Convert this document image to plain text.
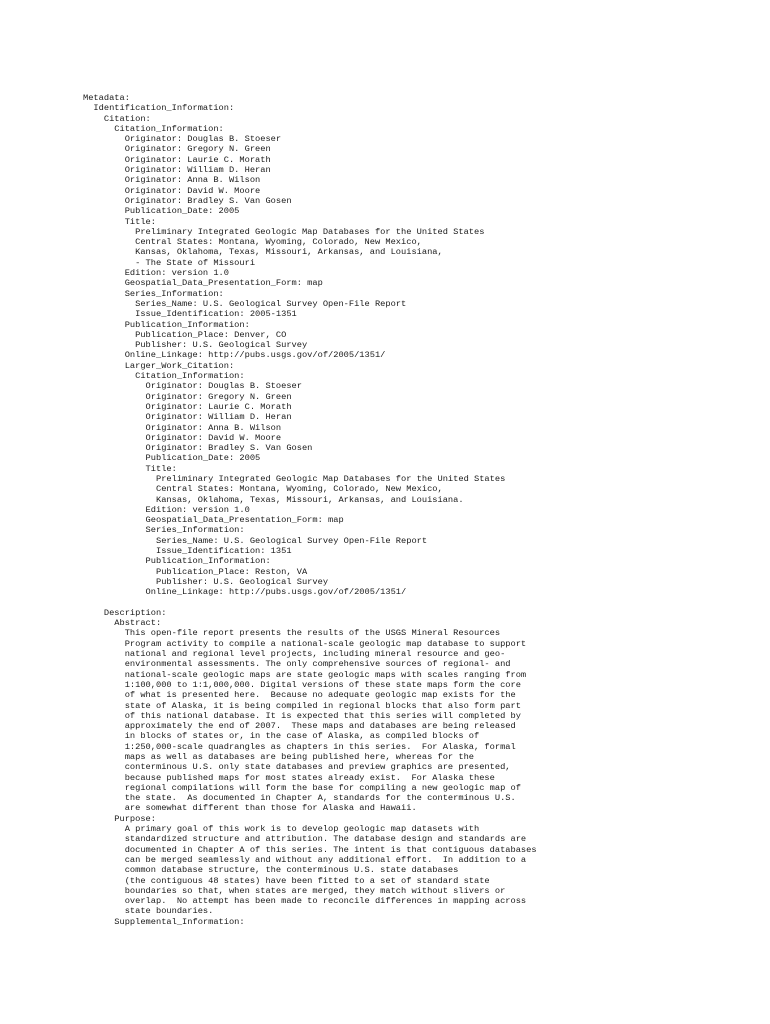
Metadata:
Identification_Information:
Citation:
Citation_Information:
Originator: Douglas B. Stoeser
Originator: Gregory N. Green
Originator: Laurie C. Morath
Originator: William D. Heran
Originator: Anna B. Wilson
Originator: David W. Moore
Originator: Bradley S. Van Gosen
Publication_Date: 2005
Title:
Preliminary Integrated Geologic Map Databases for the United States
Central States: Montana, Wyoming, Colorado, New Mexico,
Kansas, Oklahoma, Texas, Missouri, Arkansas, and Louisiana,
- The State of Missouri
Edition: version 1.0
Geospatial_Data_Presentation_Form: map
Series_Information:
Series_Name: U.S. Geological Survey Open-File Report
Issue_Identification: 2005-1351
Publication_Information:
Publication_Place: Denver, CO
Publisher: U.S. Geological Survey
Online_Linkage: http://pubs.usgs.gov/of/2005/1351/
Larger_Work_Citation:
Citation_Information:
Originator: Douglas B. Stoeser
Originator: Gregory N. Green
Originator: Laurie C. Morath
Originator: William D. Heran
Originator: Anna B. Wilson
Originator: David W. Moore
Originator: Bradley S. Van Gosen
Publication_Date: 2005
Title:
Preliminary Integrated Geologic Map Databases for the United States
Central States: Montana, Wyoming, Colorado, New Mexico,
Kansas, Oklahoma, Texas, Missouri, Arkansas, and Louisiana.
Edition: version 1.0
Geospatial_Data_Presentation_Form: map
Series_Information:
Series_Name: U.S. Geological Survey Open-File Report
Issue_Identification: 1351
Publication_Information:
Publication_Place: Reston, VA
Publisher: U.S. Geological Survey
Online_Linkage: http://pubs.usgs.gov/of/2005/1351/
Description:
Abstract:
This open-file report presents the results of the USGS Mineral Resources
Program activity to compile a national-scale geologic map database to support
national and regional level projects, including mineral resource and geo-
environmental assessments. The only comprehensive sources of regional- and
national-scale geologic maps are state geologic maps with scales ranging from
1:100,000 to 1:1,000,000. Digital versions of these state maps form the core
of what is presented here.  Because no adequate geologic map exists for the
state of Alaska, it is being compiled in regional blocks that also form part
of this national database. It is expected that this series will completed by
approximately the end of 2007.  These maps and databases are being released
in blocks of states or, in the case of Alaska, as compiled blocks of
1:250,000-scale quadrangles as chapters in this series.  For Alaska, formal
maps as well as databases are being published here, whereas for the
conterminous U.S. only state databases and preview graphics are presented,
because published maps for most states already exist.  For Alaska these
regional compilations will form the base for compiling a new geologic map of
the state.  As documented in Chapter A, standards for the conterminous U.S.
are somewhat different than those for Alaska and Hawaii.
Purpose:
A primary goal of this work is to develop geologic map datasets with
standardized structure and attribution. The database design and standards are
documented in Chapter A of this series. The intent is that contiguous databases
can be merged seamlessly and without any additional effort.  In addition to a
common database structure, the conterminous U.S. state databases
(the contiguous 48 states) have been fitted to a set of standard state
boundaries so that, when states are merged, they match without slivers or
overlap.  No attempt has been made to reconcile differences in mapping across
state boundaries.
Supplemental_Information:
